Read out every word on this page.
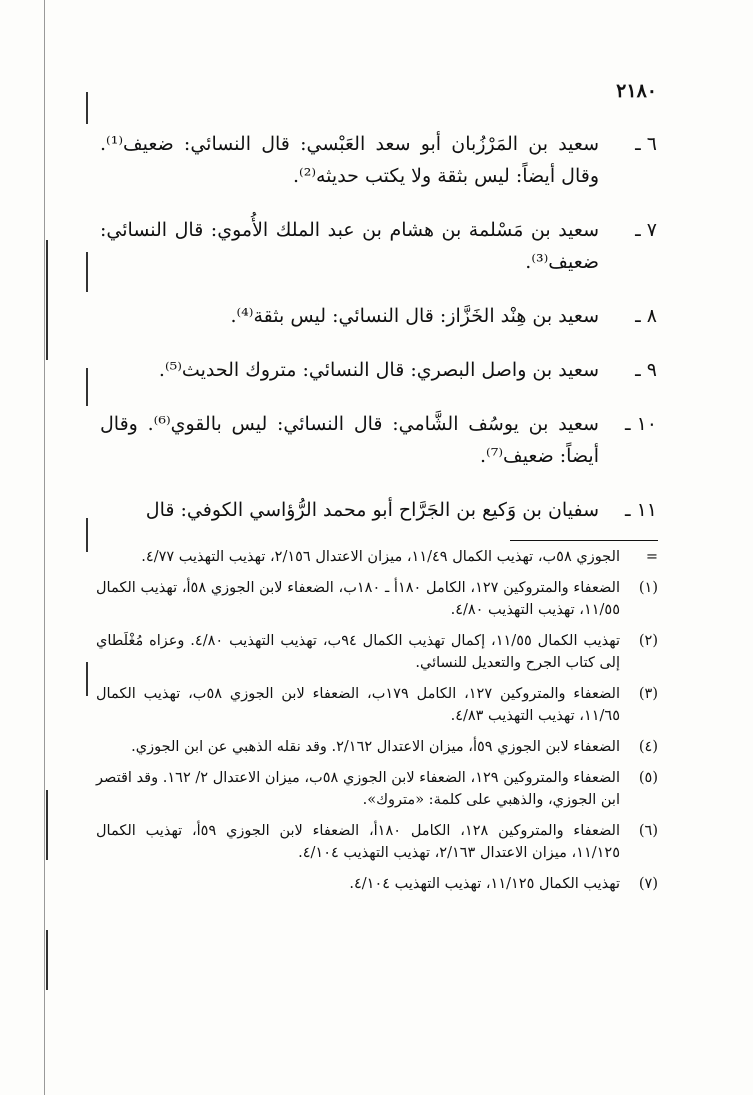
٢١٨٠
٦ ـ
سعيد بن المَرْزُبان أبو سعد العَبْسي: قال النسائي: ضعيف⁽¹⁾. وقال أيضاً: ليس بثقة ولا يكتب حديثه⁽²⁾.
٧ ـ
سعيد بن مَسْلمة بن هشام بن عبد الملك الأُموي: قال النسائي: ضعيف⁽³⁾.
٨ ـ
سعيد بن هِنْد الخَزَّاز: قال النسائي: ليس بثقة⁽⁴⁾.
٩ ـ
سعيد بن واصل البصري: قال النسائي: متروك الحديث⁽⁵⁾.
١٠ ـ
سعيد بن يوسُف الشَّامي: قال النسائي: ليس بالقوي⁽⁶⁾. وقال أيضاً: ضعيف⁽⁷⁾.
١١ ـ
سفيان بن وَكيع بن الجَرَّاح أبو محمد الرُّؤاسي الكوفي: قال
=
الجوزي ٥٨ب، تهذيب الكمال ١١/٤٩، ميزان الاعتدال ٢/١٥٦، تهذيب التهذيب ٤/٧٧.
(١)
الضعفاء والمتروكين ١٢٧، الكامل ١٨٠أ ـ ١٨٠ب، الضعفاء لابن الجوزي ٥٨أ، تهذيب الكمال ١١/٥٥، تهذيب التهذيب ٤/٨٠.
(٢)
تهذيب الكمال ١١/٥٥، إكمال تهذيب الكمال ٩٤ب، تهذيب التهذيب ٤/٨٠. وعزاه مُغْلَطاي إلى كتاب الجرح والتعديل للنسائي.
(٣)
الضعفاء والمتروكين ١٢٧، الكامل ١٧٩ب، الضعفاء لابن الجوزي ٥٨ب، تهذيب الكمال ١١/٦٥، تهذيب التهذيب ٤/٨٣.
(٤)
الضعفاء لابن الجوزي ٥٩أ، ميزان الاعتدال ٢/١٦٢. وقد نقله الذهبي عن ابن الجوزي.
(٥)
الضعفاء والمتروكين ١٢٩، الضعفاء لابن الجوزي ٥٨ب، ميزان الاعتدال ٢/ ١٦٢. وقد اقتصر ابن الجوزي، والذهبي على كلمة: «متروك».
(٦)
الضعفاء والمتروكين ١٢٨، الكامل ١٨٠أ، الضعفاء لابن الجوزي ٥٩أ، تهذيب الكمال ١١/١٢٥، ميزان الاعتدال ٢/١٦٣، تهذيب التهذيب ٤/١٠٤.
(٧)
تهذيب الكمال ١١/١٢٥، تهذيب التهذيب ٤/١٠٤.
